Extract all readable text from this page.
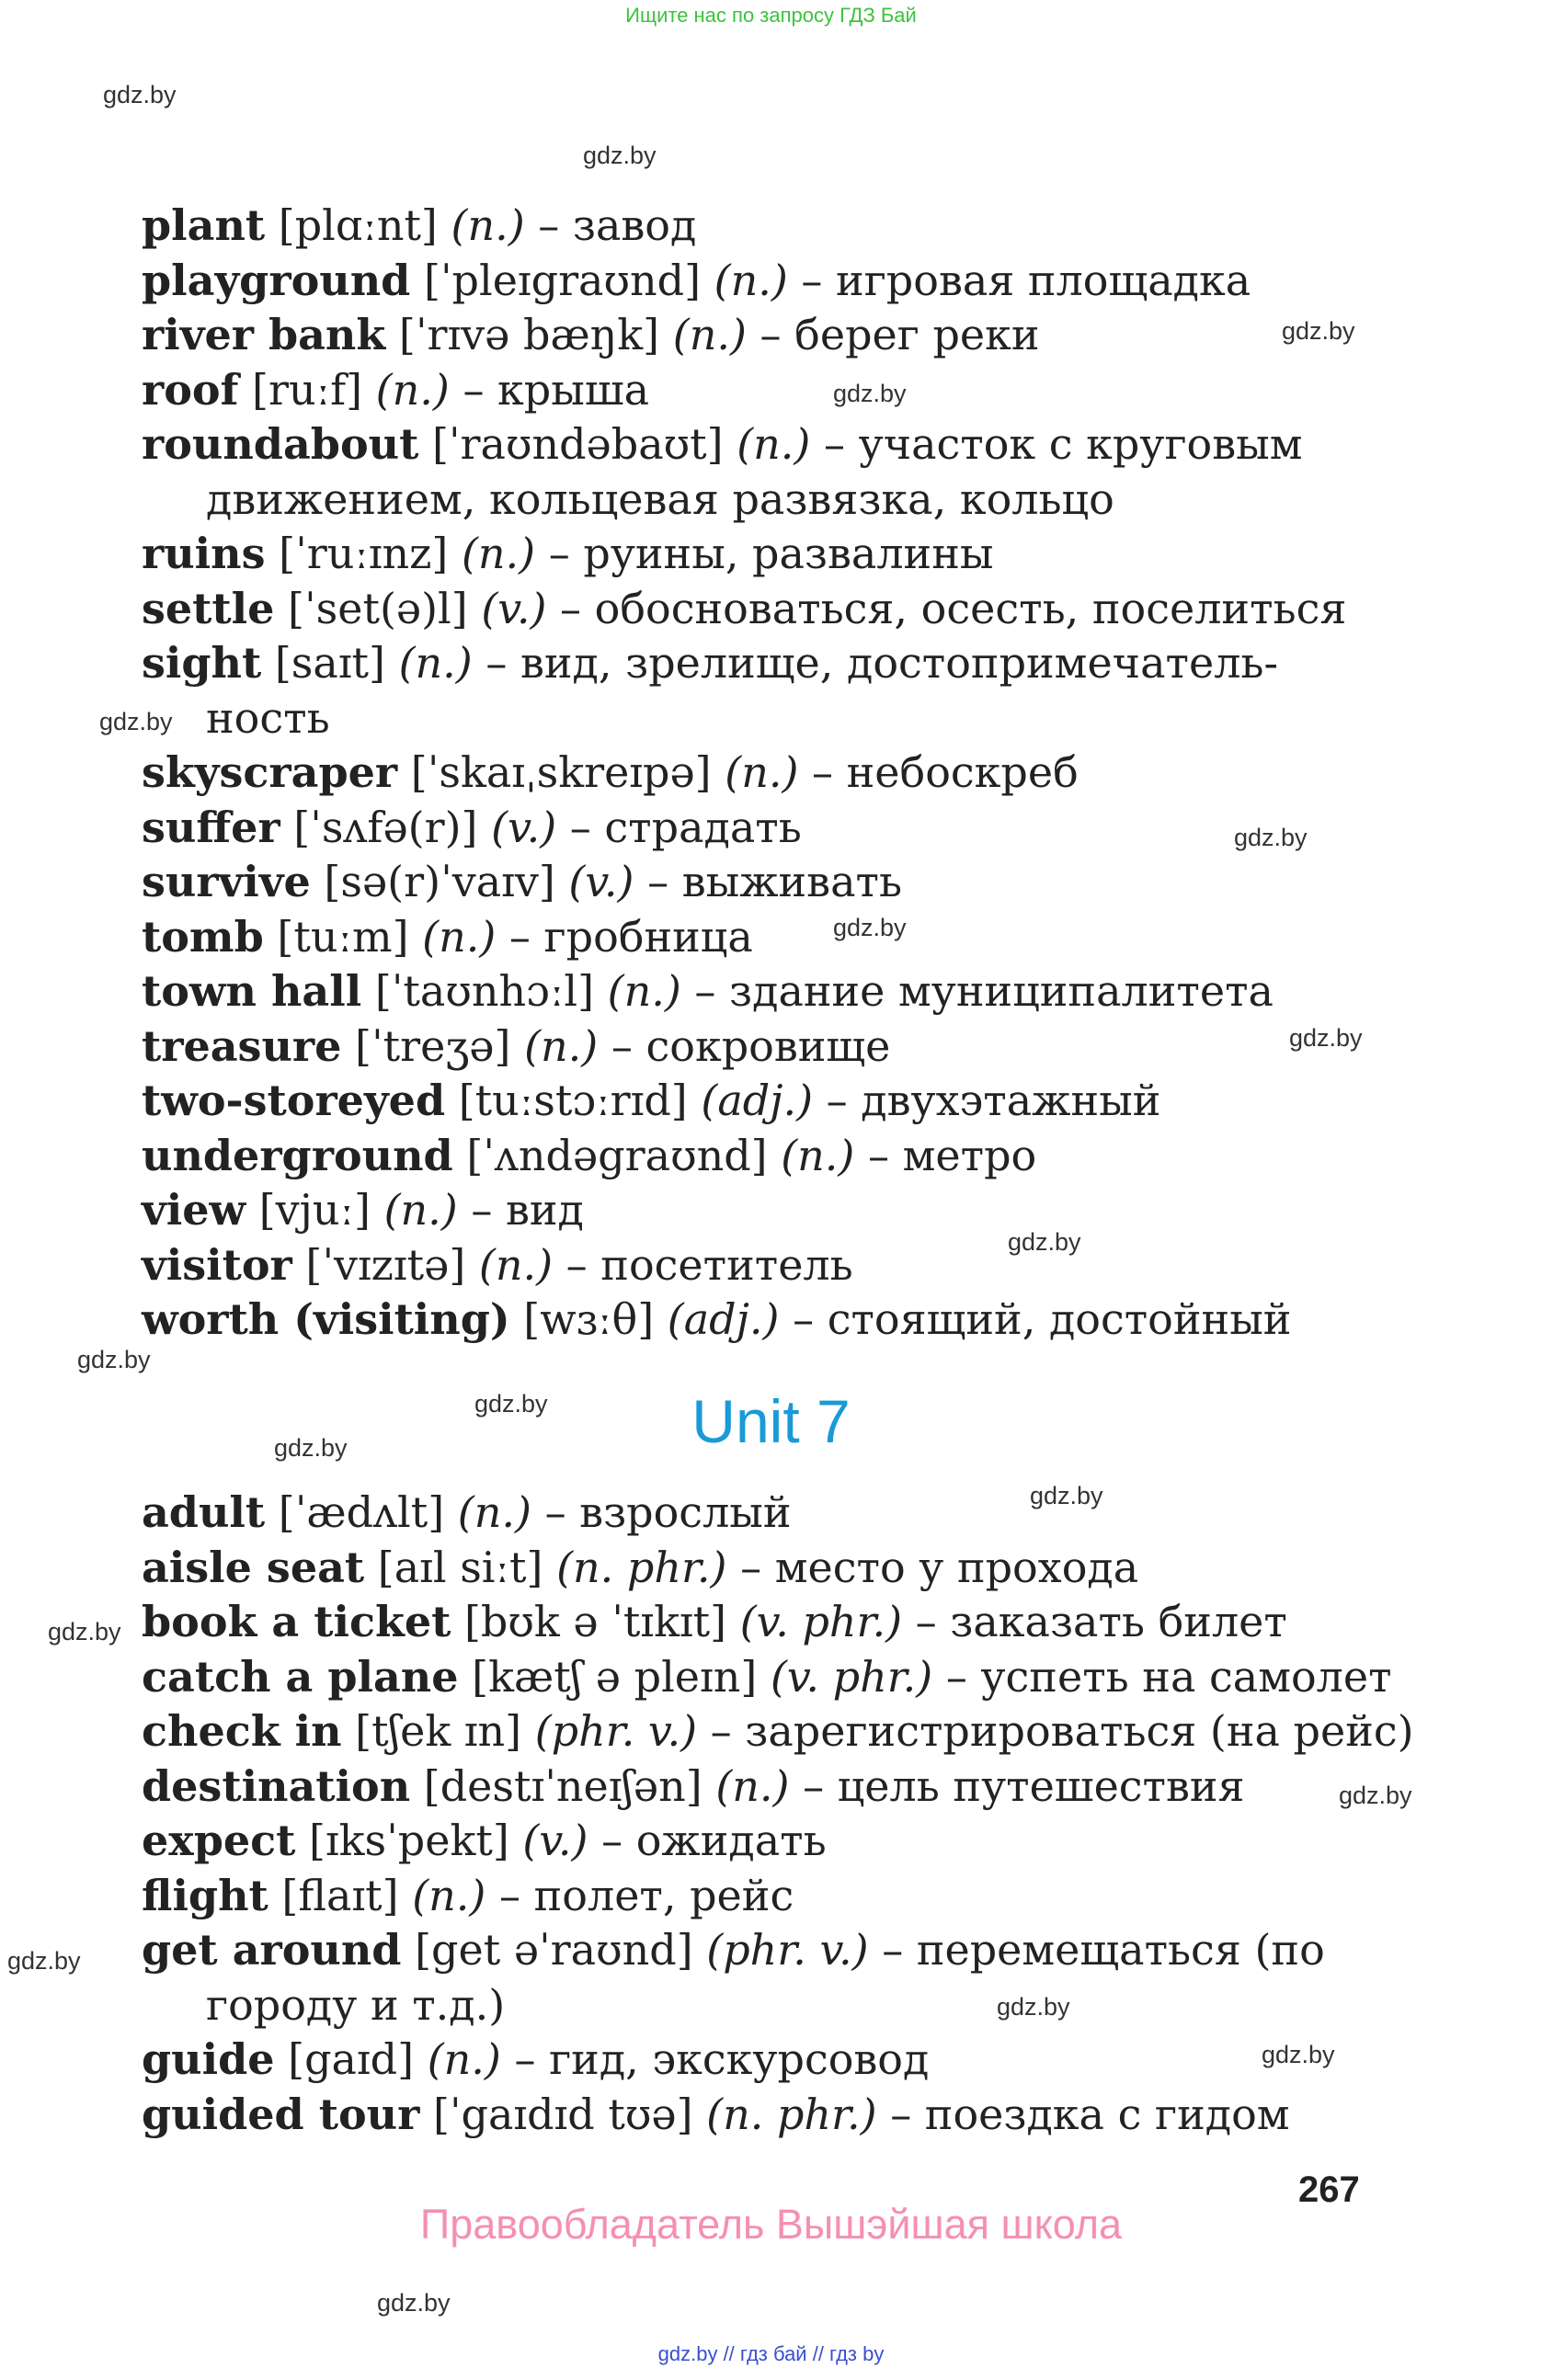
Ищите нас по запросу ГДЗ Бай
gdz.by
gdz.by
gdz.by
gdz.by
gdz.by
gdz.by
gdz.by
gdz.by
gdz.by
gdz.by
gdz.by
gdz.by
gdz.by
gdz.by
gdz.by
gdz.by
gdz.by
gdz.by
gdz.by
plant [plɑːnt] (n.) – завод
playground [ˈpleɪgraʊnd] (n.) – игровая площадка
river bank [ˈrɪvə bæŋk] (n.) – берег реки
roof [ruːf] (n.) – крыша
roundabout [ˈraʊndəbaʊt] (n.) – участок с круговым
движением, кольцевая развязка, кольцо
ruins [ˈruːɪnz] (n.) – руины, развалины
settle [ˈset(ə)l] (v.) – обосноваться, осесть, поселиться
sight [saɪt] (n.) – вид, зрелище, достопримечатель-
ность
skyscraper [ˈskaɪˌskreɪpə] (n.) – небоскреб
suffer [ˈsʌfə(r)] (v.) – страдать
survive [sə(r)ˈvaɪv] (v.) – выживать
tomb [tuːm] (n.) – гробница
town hall [ˈtaʊnhɔːl] (n.) – здание муниципалитета
treasure [ˈtreʒə] (n.) – сокровище
two-storeyed [tuːstɔːrɪd] (adj.) – двухэтажный
underground [ˈʌndəgraʊnd] (n.) – метро
view [vjuː] (n.) – вид
visitor [ˈvɪzɪtə] (n.) – посетитель
worth (visiting) [wɜːθ] (adj.) – стоящий, достойный
Unit 7
adult [ˈædʌlt] (n.) – взрослый
aisle seat [aɪl siːt] (n. phr.) – место у прохода
book a ticket [bʊk ə ˈtɪkɪt] (v. phr.) – заказать билет
catch a plane [kætʃ ə pleɪn] (v. phr.) – успеть на самолет
check in [tʃek ɪn] (phr. v.) – зарегистрироваться (на рейс)
destination [destɪˈneɪʃən] (n.) – цель путешествия
expect [ɪksˈpekt] (v.) – ожидать
flight [flaɪt] (n.) – полет, рейс
get around [get əˈraʊnd] (phr. v.) – перемещаться (по
городу и т.д.)
guide [gaɪd] (n.) – гид, экскурсовод
guided tour [ˈgaɪdɪd tʊə] (n. phr.) – поездка с гидом
267
Правообладатель Вышэйшая школа
gdz.by // гдз бай // гдз by
